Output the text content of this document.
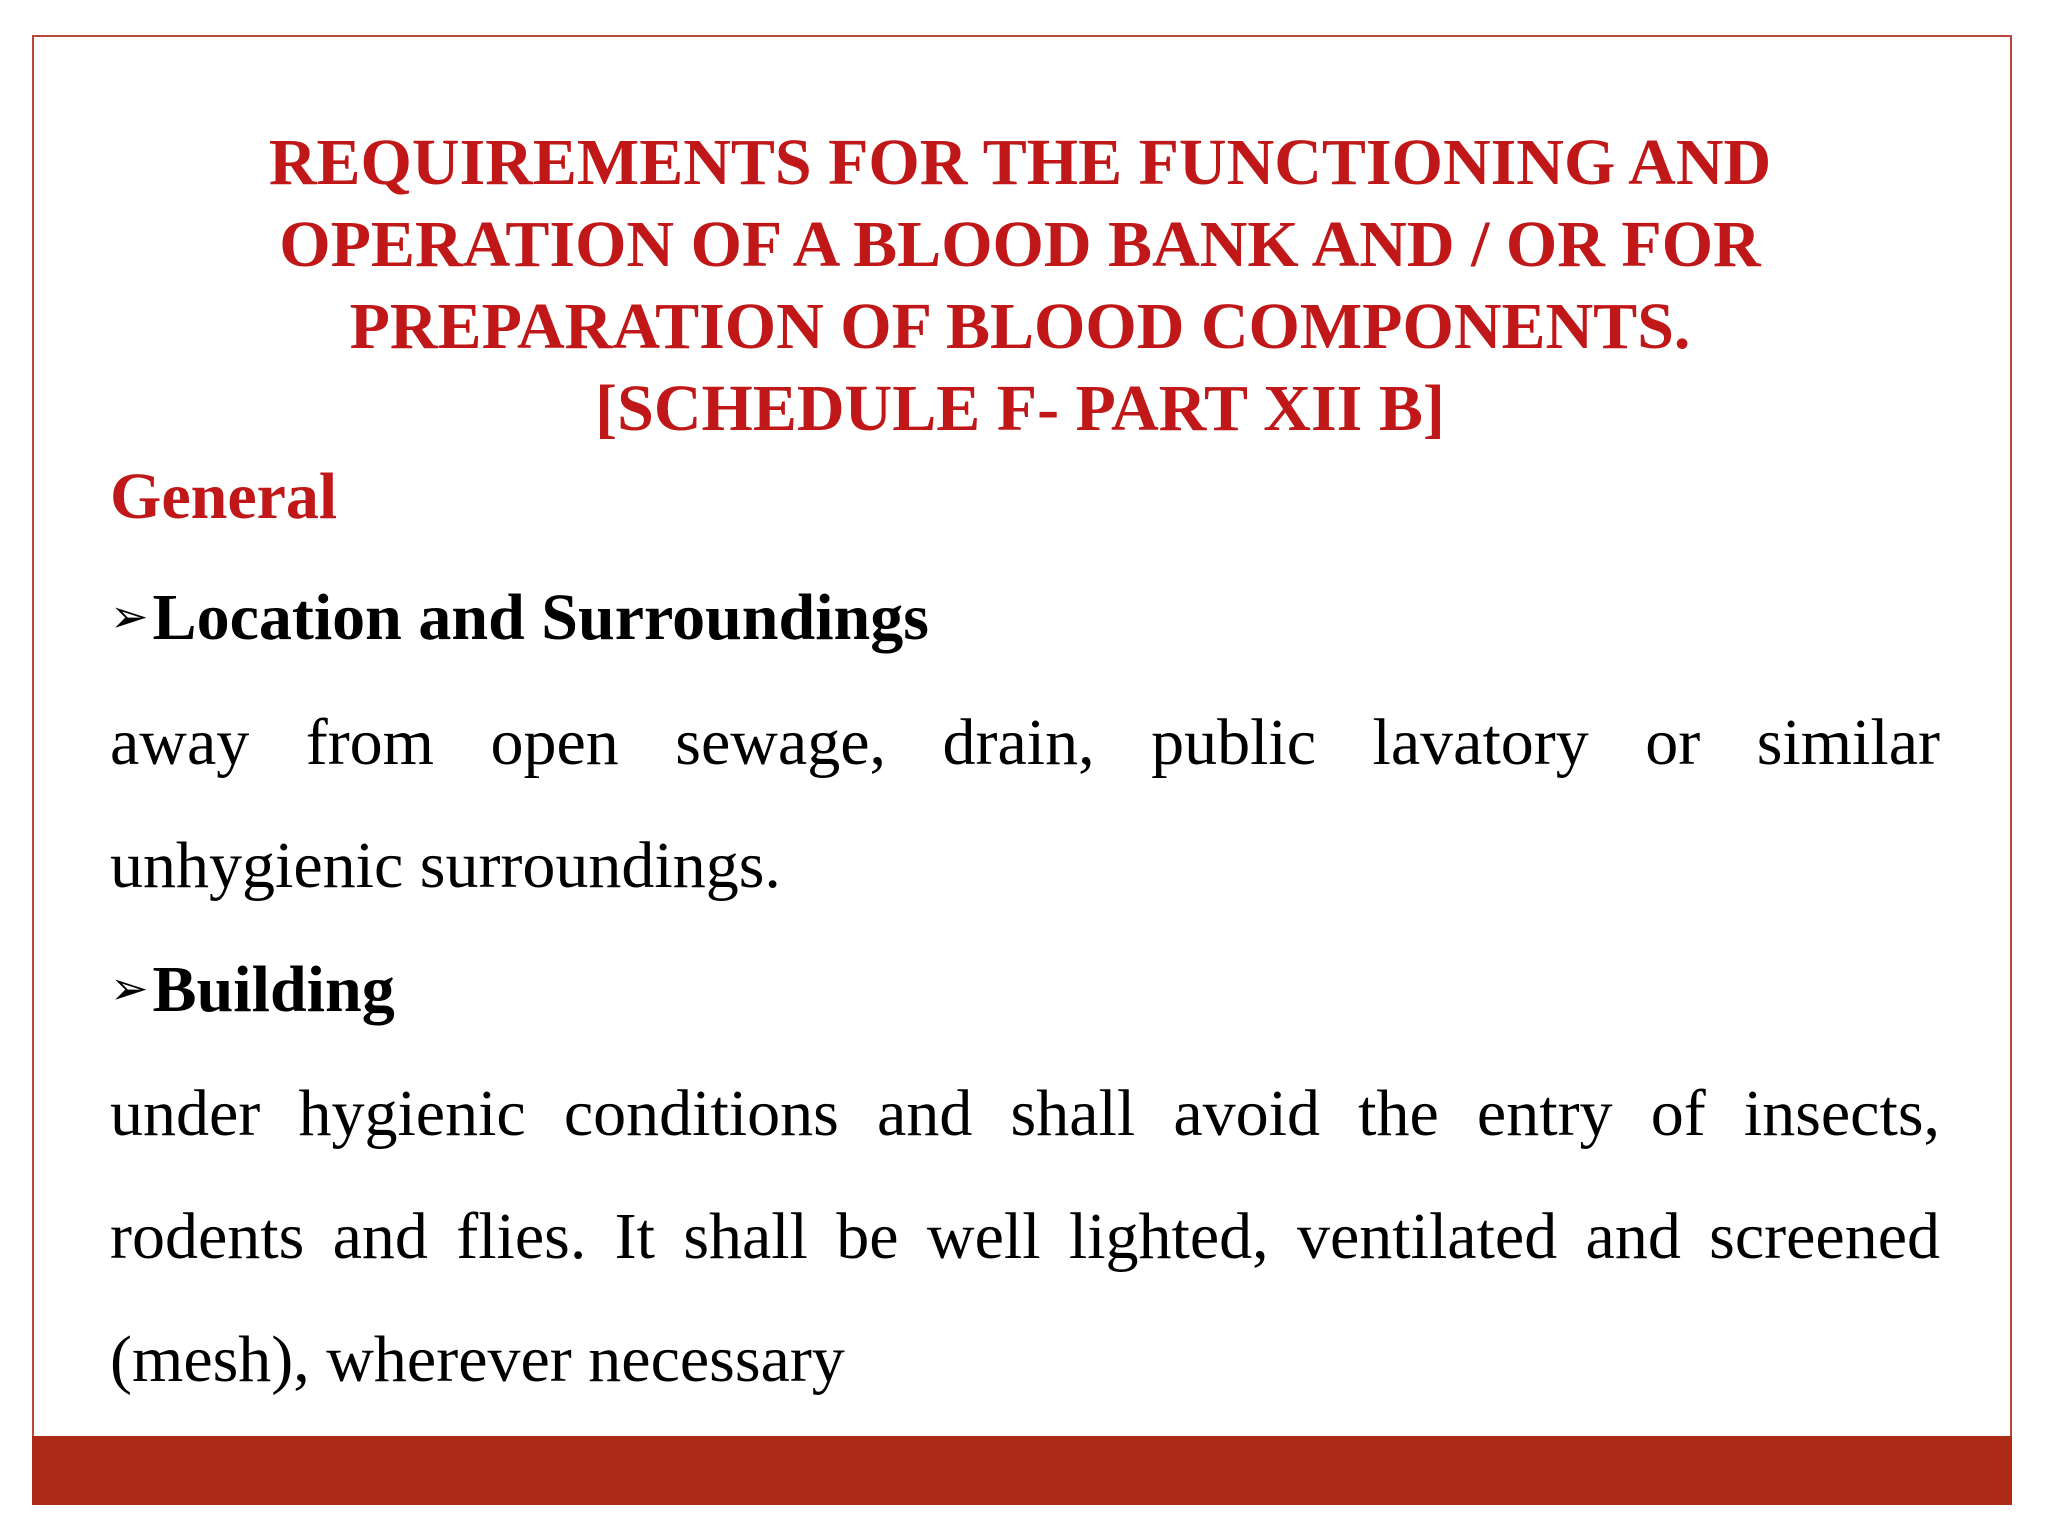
REQUIREMENTS FOR THE FUNCTIONING AND
OPERATION OF A BLOOD BANK AND / OR FOR
PREPARATION OF BLOOD COMPONENTS.
[SCHEDULE F- PART XII B]
General
➢ Location and Surroundings

away from open sewage, drain, public lavatory or similar
unhygienic surroundings.

➢ Building

under hygienic conditions and shall avoid the entry of insects,
rodents and flies. It shall be well lighted, ventilated and screened
(mesh), wherever necessary
